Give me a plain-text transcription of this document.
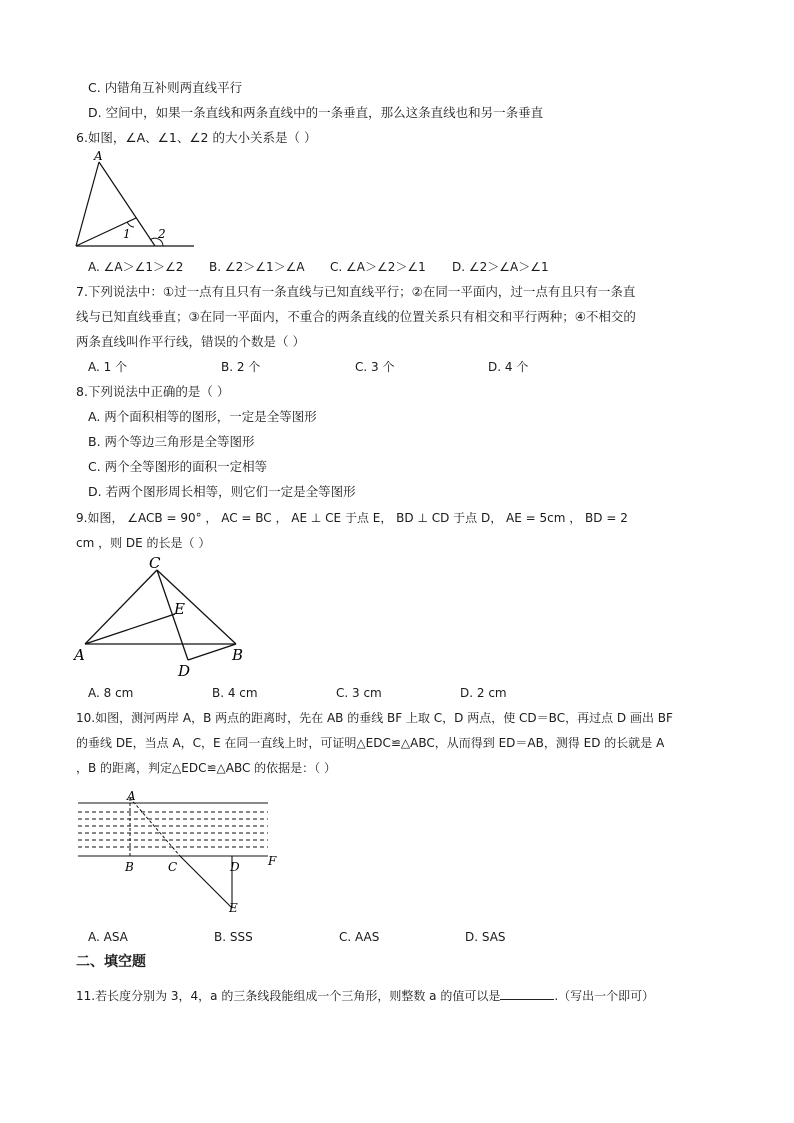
C. 内错角互补则两直线平行
D. 空间中，如果一条直线和两条直线中的一条垂直，那么这条直线也和另一条垂直
6.如图，∠A、∠1、∠2 的大小关系是（ ）
A
1 2
A. ∠A＞∠1＞∠2 B. ∠2＞∠1＞∠A C. ∠A＞∠2＞∠1 D. ∠2＞∠A＞∠1
7.下列说法中：①过一点有且只有一条直线与已知直线平行；②在同一平面内，过一点有且只有一条直
线与已知直线垂直；③在同一平面内，不重合的两条直线的位置关系只有相交和平行两种；④不相交的
两条直线叫作平行线，错误的个数是（ ）
A. 1 个	B. 2 个	C. 3 个	D. 4 个
8.下列说法中正确的是（ ）
A. 两个面积相等的图形，一定是全等图形
B. 两个等边三角形是全等图形
C. 两个全等图形的面积一定相等
D. 若两个图形周长相等，则它们一定是全等图形
9.如图， ∠ACB = 90° ， AC = BC ， AE ⊥ CE 于点 E， BD ⊥ CD 于点 D， AE = 5cm ， BD = 2
cm ，则 DE 的长是（ ）
C
E
A
D
B
A. 8 cm	B. 4 cm	C. 3 cm	D. 2 cm
10.如图，测河两岸 A，B 两点的距离时，先在 AB 的垂线 BF 上取 C，D 两点，使 CD＝BC，再过点 D 画出 BF
的垂线 DE，当点 A，C，E 在同一直线上时，可证明△EDC≌△ABC，从而得到 ED＝AB，测得 ED 的长就是 A
，B 的距离，判定△EDC≌△ABC 的依据是：（ ）
A
B	C	D F
E
A. ASA	B. SSS	C. AAS	D. SAS
二、填空题
11.若长度分别为 3，4，a 的三条线段能组成一个三角形，则整数 a 的值可以是	.（写出一个即可）
